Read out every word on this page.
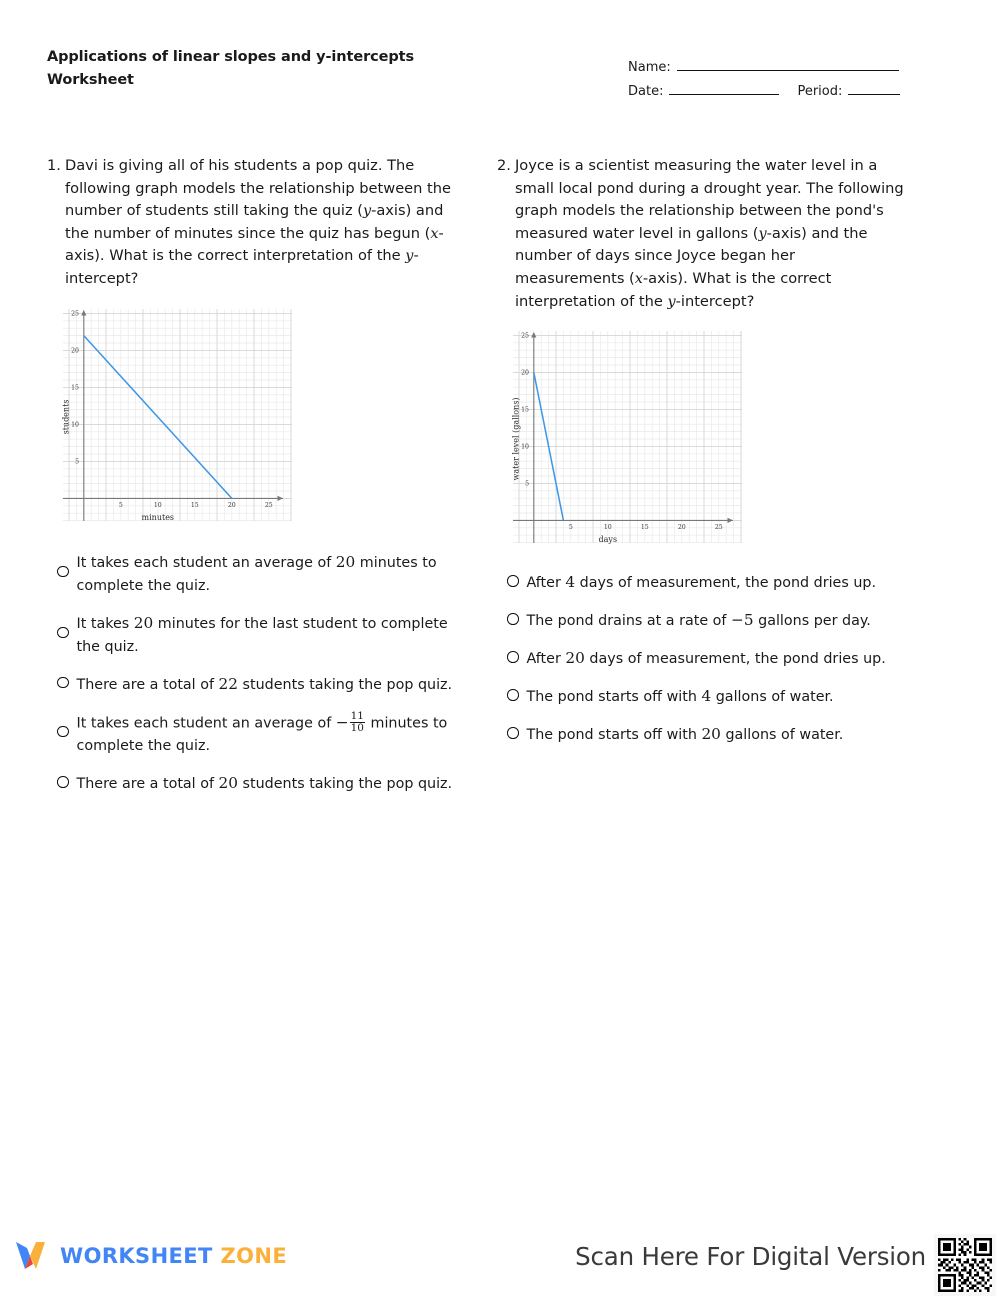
Applications of linear slopes and y-intercepts
Worksheet
Name:
Date:	Period:
1. Davi is giving all of his students a pop quiz. The following graph models the relationship between the number of students still taking the quiz (y-axis) and the number of minutes since the quiz has begun (x-axis). What is the correct interpretation of the y-intercept?
5	10	15	20	25
5
10
15
20
25
minutes
students
It takes each student an average of 20 minutes to complete the quiz.
It takes 20 minutes for the last student to complete the quiz.
There are a total of 22 students taking the pop quiz.
It takes each student an average of − $\frac{11}{10}$ minutes to complete the quiz.
There are a total of 20 students taking the pop quiz.
2. Joyce is a scientist measuring the water level in a small local pond during a drought year. The following graph models the relationship between the pond's measured water level in gallons (y-axis) and the number of days since Joyce began her measurements (x-axis). What is the correct interpretation of the y-intercept?
5	10	15	20	25
5
10
15
20
25
days
water level (gallons)
After 4 days of measurement, the pond dries up.
The pond drains at a rate of −5 gallons per day.
After 20 days of measurement, the pond dries up.
The pond starts off with 4 gallons of water.
The pond starts off with 20 gallons of water.
WORKSHEET ZONE	Scan Here For Digital Version
